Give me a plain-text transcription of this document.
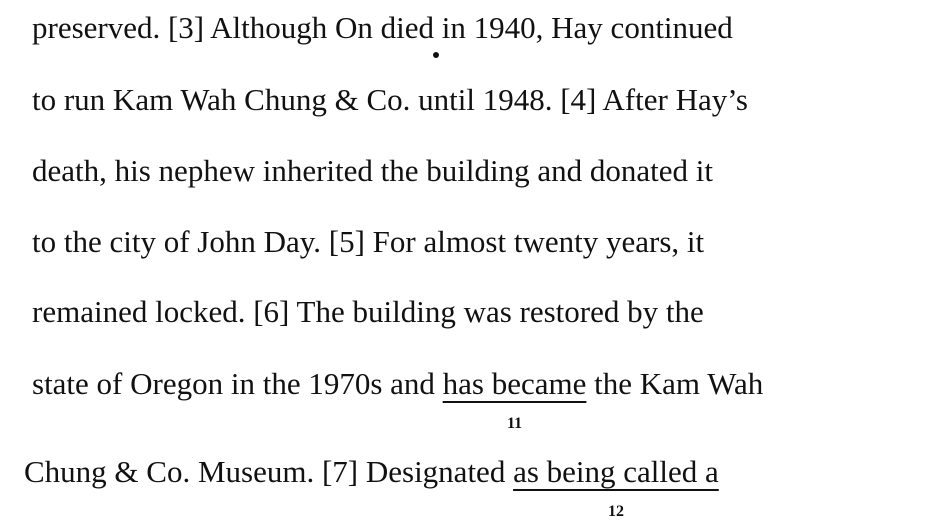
preserved. [3] Although On died in 1940, Hay continued
to run Kam Wah Chung & Co. until 1948. [4] After Hay’s
death, his nephew inherited the building and donated it
to the city of John Day. [5] For almost twenty years, it
remained locked. [6] The building was restored by the
state of Oregon in the 1970s and has became
11
the Kam Wah
Chung & Co. Museum. [7] Designated as being called a
12
